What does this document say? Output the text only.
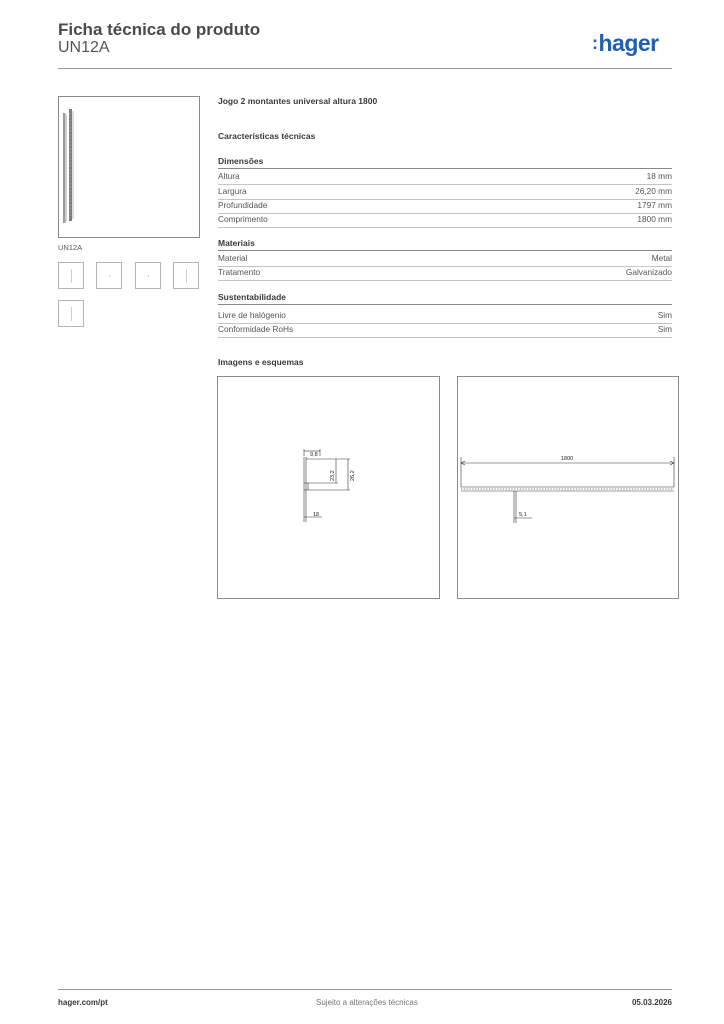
Ficha técnica do produto
UN12A	:hager
UN12A
Jogo 2 montantes universal altura 1800
Características técnicas
Dimensões
Altura	18 mm
Largura	26,20 mm
Profundidade	1797 mm
Comprimento	1800 mm
Materiais
Material	Metal
Tratamento	Galvanizado
Sustentabilidade
Livre de halógenio	Sim
Conformidade RoHs	Sim
Imagens e esquemas
9,8
23,2	26,2
18
1800
5,1
hager.com/pt	Sujeito a alterações técnicas	05.03.2026
